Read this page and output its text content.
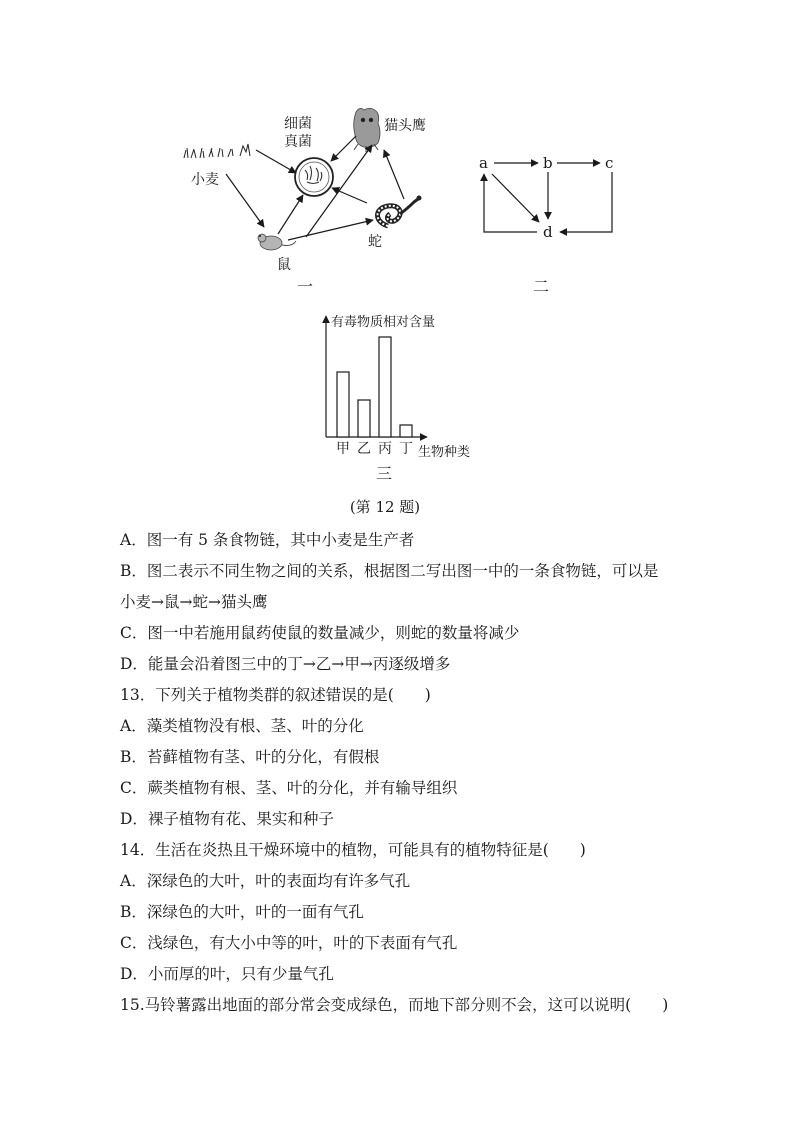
细菌
真菌
猫头鹰
小麦
鼠
蛇
一
a	b	c
d
二
有毒物质相对含量
生物种类
甲 乙 丙 丁
三
(第 12 题)
A．图一有 5 条食物链，其中小麦是生产者
B．图二表示不同生物之间的关系，根据图二写出图一中的一条食物链，可以是
小麦→鼠→蛇→猫头鹰
C．图一中若施用鼠药使鼠的数量减少，则蛇的数量将减少
D．能量会沿着图三中的丁→乙→甲→丙逐级增多
13．下列关于植物类群的叙述错误的是(　　)
A．藻类植物没有根、茎、叶的分化
B．苔藓植物有茎、叶的分化，有假根
C．蕨类植物有根、茎、叶的分化，并有输导组织
D．裸子植物有花、果实和种子
14．生活在炎热且干燥环境中的植物，可能具有的植物特征是(　　)
A．深绿色的大叶，叶的表面均有许多气孔
B．深绿色的大叶，叶的一面有气孔
C．浅绿色，有大小中等的叶，叶的下表面有气孔
D．小而厚的叶，只有少量气孔
15.马铃薯露出地面的部分常会变成绿色，而地下部分则不会，这可以说明(　　)
